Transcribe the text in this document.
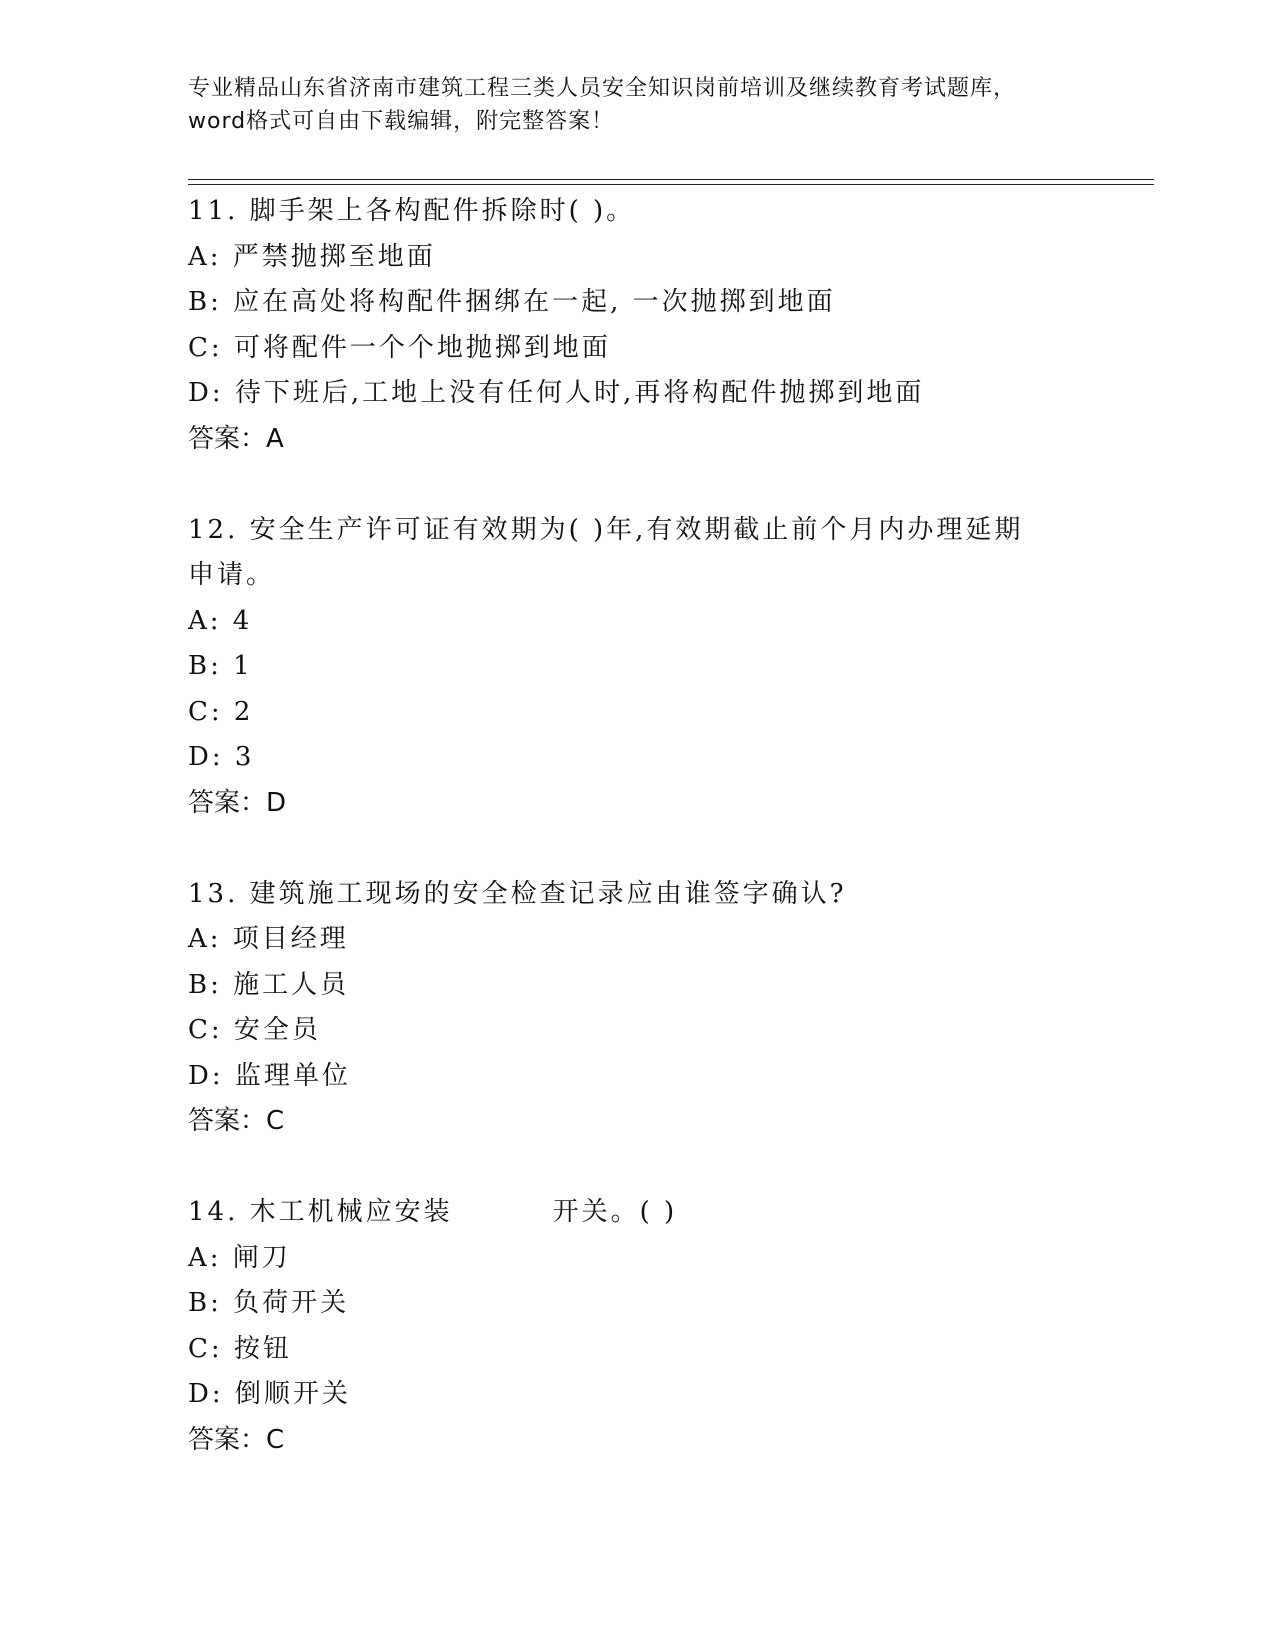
专业精品山东省济南市建筑工程三类人员安全知识岗前培训及继续教育考试题库，
word格式可自由下载编辑，附完整答案！
11. 脚手架上各构配件拆除时( )。
A: 严禁抛掷至地面
B: 应在高处将构配件捆绑在一起, 一次抛掷到地面
C: 可将配件一个个地抛掷到地面
D: 待下班后,工地上没有任何人时,再将构配件抛掷到地面
答案：A
12. 安全生产许可证有效期为( )年,有效期截止前个月内办理延期
申请。
A: 4
B: 1
C: 2
D: 3
答案：D
13. 建筑施工现场的安全检查记录应由谁签字确认?
A: 项目经理
B: 施工人员
C: 安全员
D: 监理单位
答案：C
14. 木工机械应安装	开关。( )
A: 闸刀
B: 负荷开关
C: 按钮
D: 倒顺开关
答案：C
